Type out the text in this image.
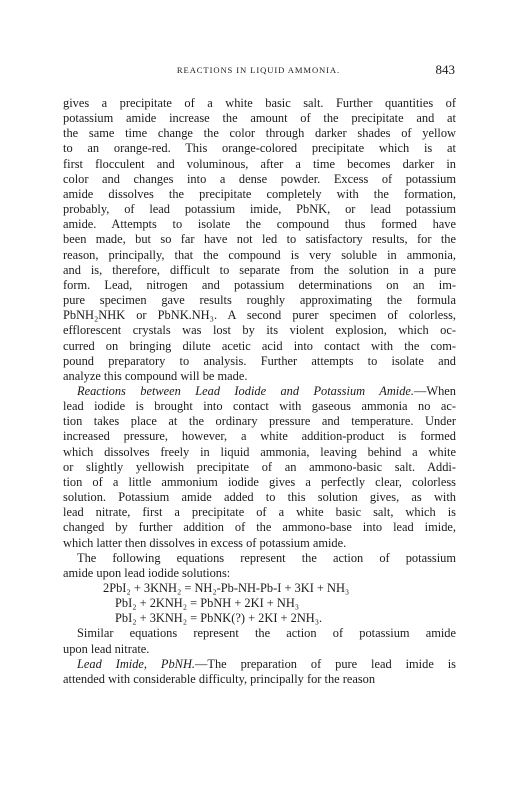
REACTIONS IN LIQUID AMMONIA.	843
gives a precipitate of a white basic salt. Further quantities of
potassium amide increase the amount of the precipitate and at
the same time change the color through darker shades of yellow
to an orange-red. This orange-colored precipitate which is at
first flocculent and voluminous, after a time becomes darker in
color and changes into a dense powder. Excess of potassium
amide dissolves the precipitate completely with the formation,
probably, of lead potassium imide, PbNK, or lead potassium
amide. Attempts to isolate the compound thus formed have
been made, but so far have not led to satisfactory results, for the
reason, principally, that the compound is very soluble in ammonia,
and is, therefore, difficult to separate from the solution in a pure
form. Lead, nitrogen and potassium determinations on an im-
pure specimen gave results roughly approximating the formula
PbNH₂NHK or PbNK.NH₃. A second purer specimen of colorless,
efflorescent crystals was lost by its violent explosion, which oc-
curred on bringing dilute acetic acid into contact with the com-
pound preparatory to analysis. Further attempts to isolate and
analyze this compound will be made.
Reactions between Lead Iodide and Potassium Amide.—When
lead iodide is brought into contact with gaseous ammonia no ac-
tion takes place at the ordinary pressure and temperature. Under
increased pressure, however, a white addition-product is formed
which dissolves freely in liquid ammonia, leaving behind a white
or slightly yellowish precipitate of an ammono-basic salt. Addi-
tion of a little ammonium iodide gives a perfectly clear, colorless
solution. Potassium amide added to this solution gives, as with
lead nitrate, first a precipitate of a white basic salt, which is
changed by further addition of the ammono-base into lead imide,
which latter then dissolves in excess of potassium amide.
The following equations represent the action of potassium
amide upon lead iodide solutions:
2PbI₂ + 3KNH₂ = NH₂-Pb-NH-Pb-I + 3KI + NH₃
PbI₂ + 2KNH₂ = PbNH + 2KI + NH₃
PbI₂ + 3KNH₂ = PbNK(?) + 2KI + 2NH₃.
Similar equations represent the action of potassium amide
upon lead nitrate.
Lead Imide, PbNH.—The preparation of pure lead imide is
attended with considerable difficulty, principally for the reason
